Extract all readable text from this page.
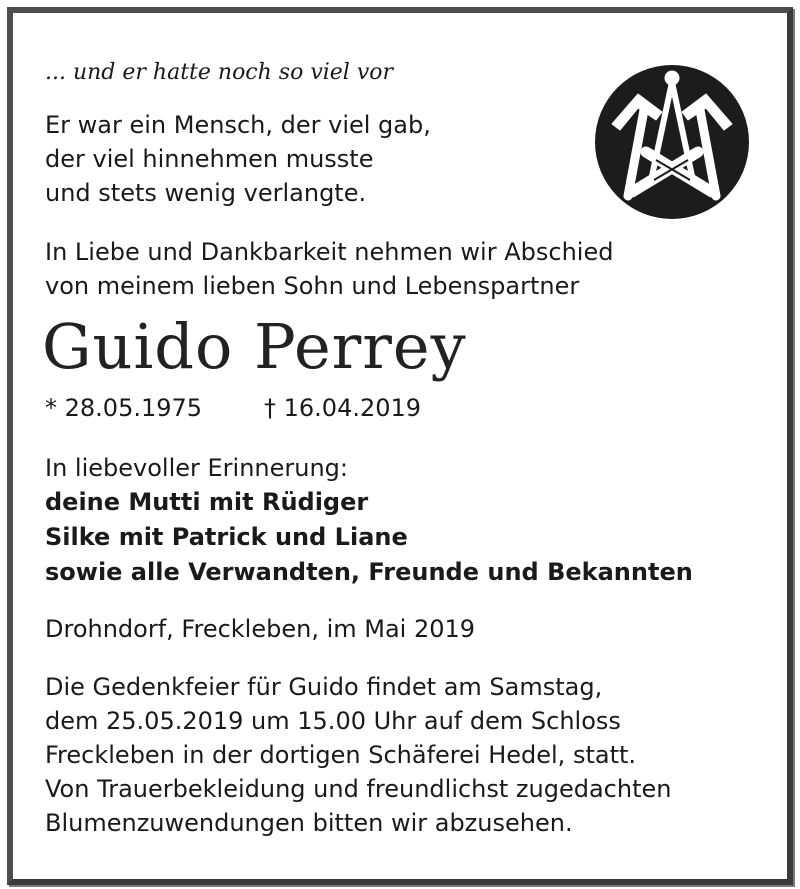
... und er hatte noch so viel vor
Er war ein Mensch, der viel gab,
der viel hinnehmen musste
und stets wenig verlangte.
In Liebe und Dankbarkeit nehmen wir Abschied
von meinem lieben Sohn und Lebenspartner
Guido Perrey
* 28.05.1975	† 16.04.2019
In liebevoller Erinnerung:
deine Mutti mit Rüdiger
Silke mit Patrick und Liane
sowie alle Verwandten, Freunde und Bekannten
Drohndorf, Freckleben, im Mai 2019
Die Gedenkfeier für Guido findet am Samstag,
dem 25.05.2019 um 15.00 Uhr auf dem Schloss
Freckleben in der dortigen Schäferei Hedel, statt.
Von Trauerbekleidung und freundlichst zugedachten
Blumenzuwendungen bitten wir abzusehen.
